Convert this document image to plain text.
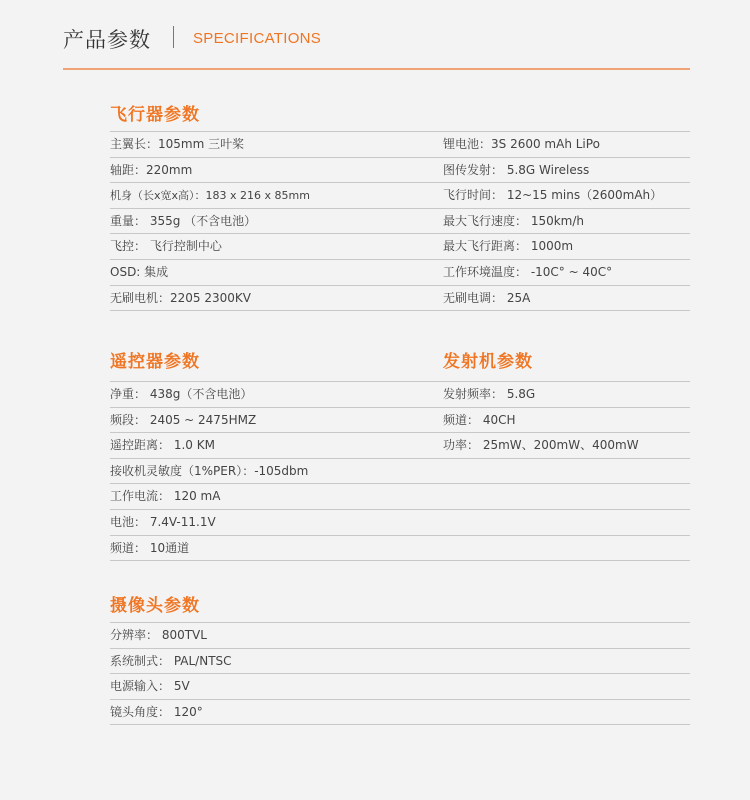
产品参数	SPECIFICATIONS
飞行器参数
主翼长：105mm 三叶桨	锂电池：3S 2600 mAh LiPo
轴距：220mm	图传发射： 5.8G Wireless
机身（长x宽x高）：183 x 216 x 85mm	飞行时间： 12~15 mins（2600mAh）
重量： 355g （不含电池）	最大飞行速度： 150km/h
飞控： 飞行控制中心	最大飞行距离： 1000m
OSD: 集成	工作环境温度： -10C° ~ 40C°
无刷电机：2205 2300KV	无刷电调： 25A
遥控器参数	发射机参数
净重： 438g（不含电池）	发射频率： 5.8G
频段： 2405 ~ 2475HMZ	频道： 40CH
遥控距离： 1.0 KM	功率： 25mW、200mW、400mW
接收机灵敏度（1%PER）：-105dbm
工作电流： 120 mA
电池： 7.4V-11.1V
频道： 10通道
摄像头参数
分辨率： 800TVL
系统制式： PAL/NTSC
电源输入： 5V
镜头角度： 120°
